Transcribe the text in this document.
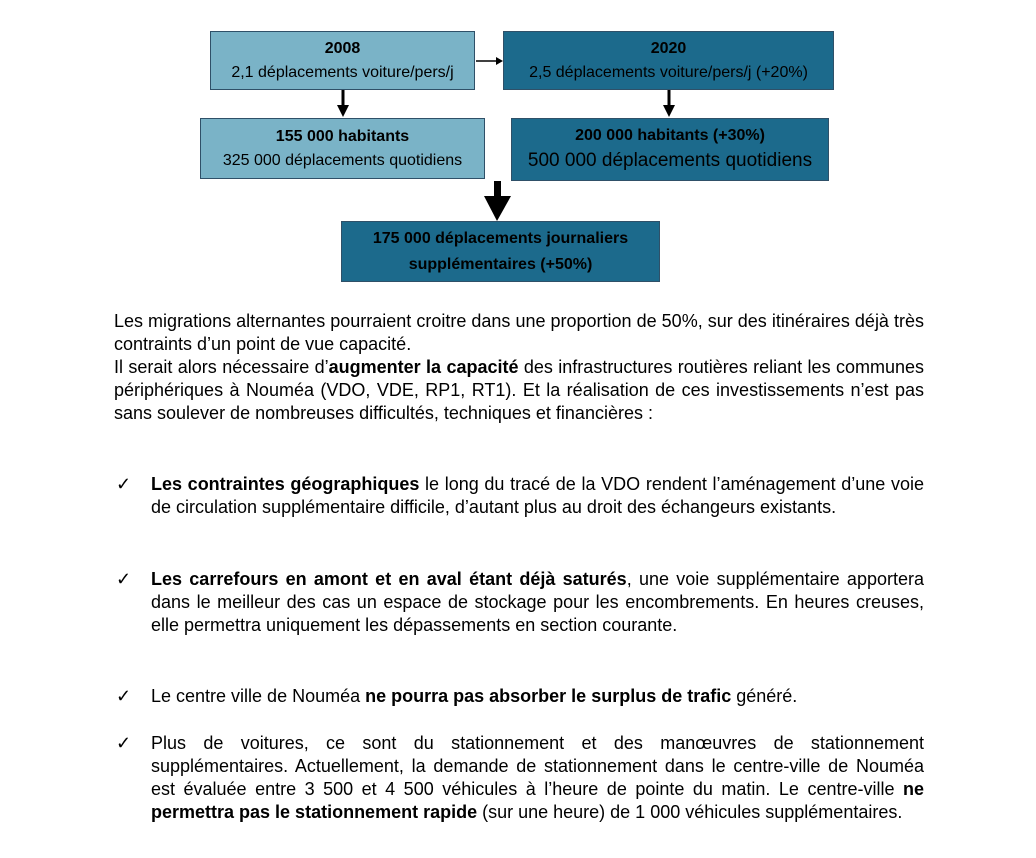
2008
2,1 déplacements voiture/pers/j
2020
2,5 déplacements voiture/pers/j (+20%)
155 000 habitants
325 000 déplacements quotidiens
200 000 habitants (+30%)
500 000 déplacements quotidiens
175 000 déplacements journaliers
supplémentaires (+50%)

Les migrations alternantes pourraient croitre dans une proportion de 50%, sur des itinéraires déjà très contraints d’un point de vue capacité.

Il serait alors nécessaire d’augmenter la capacité des infrastructures routières reliant les communes périphériques à Nouméa (VDO, VDE, RP1, RT1). Et la réalisation de ces investissements n’est pas sans soulever de nombreuses difficultés, techniques et financières :

✓ Les contraintes géographiques le long du tracé de la VDO rendent l’aménagement d’une voie de circulation supplémentaire difficile, d’autant plus au droit des échangeurs existants.
✓ Les carrefours en amont et en aval étant déjà saturés, une voie supplémentaire apportera dans le meilleur des cas un espace de stockage pour les encombrements. En heures creuses, elle permettra uniquement les dépassements en section courante.
✓ Le centre ville de Nouméa ne pourra pas absorber le surplus de trafic généré.
✓ Plus de voitures, ce sont du stationnement et des manœuvres de stationnement supplémentaires. Actuellement, la demande de stationnement dans le centre-ville de Nouméa est évaluée entre 3 500 et 4 500 véhicules à l’heure de pointe du matin. Le centre-ville ne permettra pas le stationnement rapide (sur une heure) de 1 000 véhicules supplémentaires.
